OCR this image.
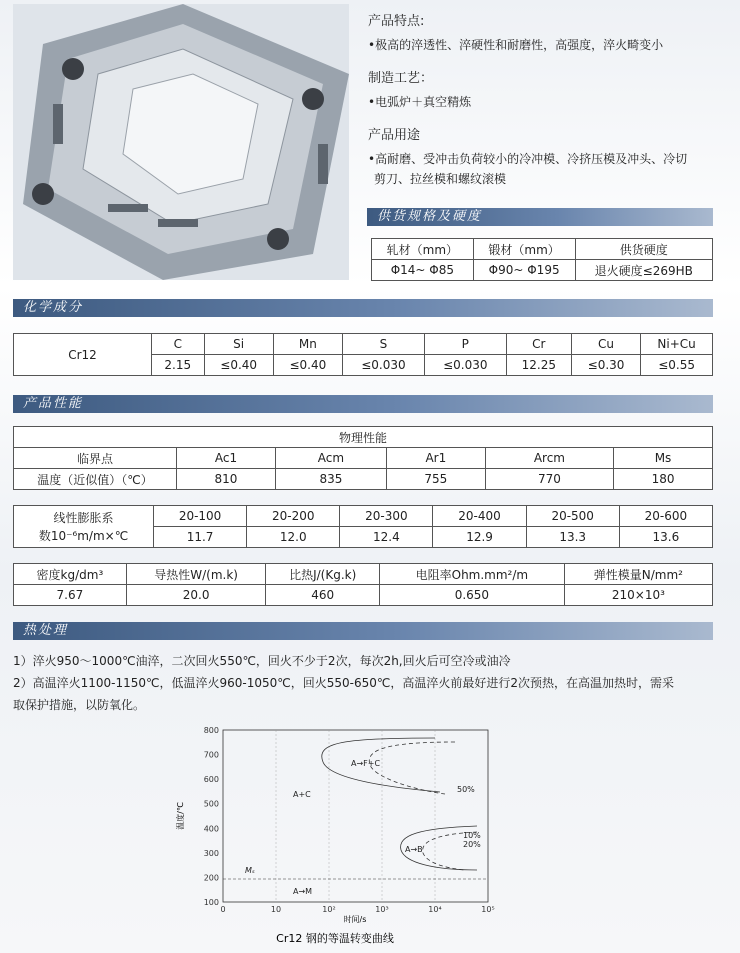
产品特点:

•极高的淬透性、淬硬性和耐磨性，高强度，淬火畸变小

制造工艺：

•电弧炉＋真空精炼

产品用途

•高耐磨、受冲击负荷较小的冷冲模、冷挤压模及冲头、冷切

剪刀、拉丝模和螺纹滚模

供货规格及硬度
轧材（mm）	锻材（mm）	供货硬度
Φ14~ Φ85	Φ90~ Φ195	退火硬度≤269HB
化学成分
Cr12	C	Si	Mn	S	P	Cr	Cu	Ni+Cu
	2.15	≤0.40	≤0.40	≤0.030	≤0.030	12.25	≤0.30	≤0.55
产品性能
物理性能					
临界点	Ac1	Acm	Ar1	Arcm	Ms
温度（近似值）（℃）	810	835	755	770	180
线性膨胀系
数10⁻⁶m/m×℃	20-100	20-200	20-300	20-400	20-500	20-600
	11.7	12.0	12.4	12.9	13.3	13.6
密度kg/dm³	导热性W/(m.k)	比热J/(Kg.k)	电阻率Ohm.mm²/m	弹性模量N/mm²
7.67	20.0	460	0.650	210×10³
热处理

1）淬火950～1000℃油淬，二次回火550℃，回火不少于2次，每次2h,回火后可空冷或油冷

2）高温淬火1100-1150℃，低温淬火960-1050℃，回火550-650℃，高温淬火前最好进行2次预热，在高温加热时，需采

取保护措施，以防氧化。

100
200
300
400
500
600
700
800
0	10	10²	10³	10⁴	10⁵
A+C
A→F+C
50%
10%
20%
A→B
Mₛ
A→M
温度/℃
时间/s
Cr12 钢的等温转变曲线
